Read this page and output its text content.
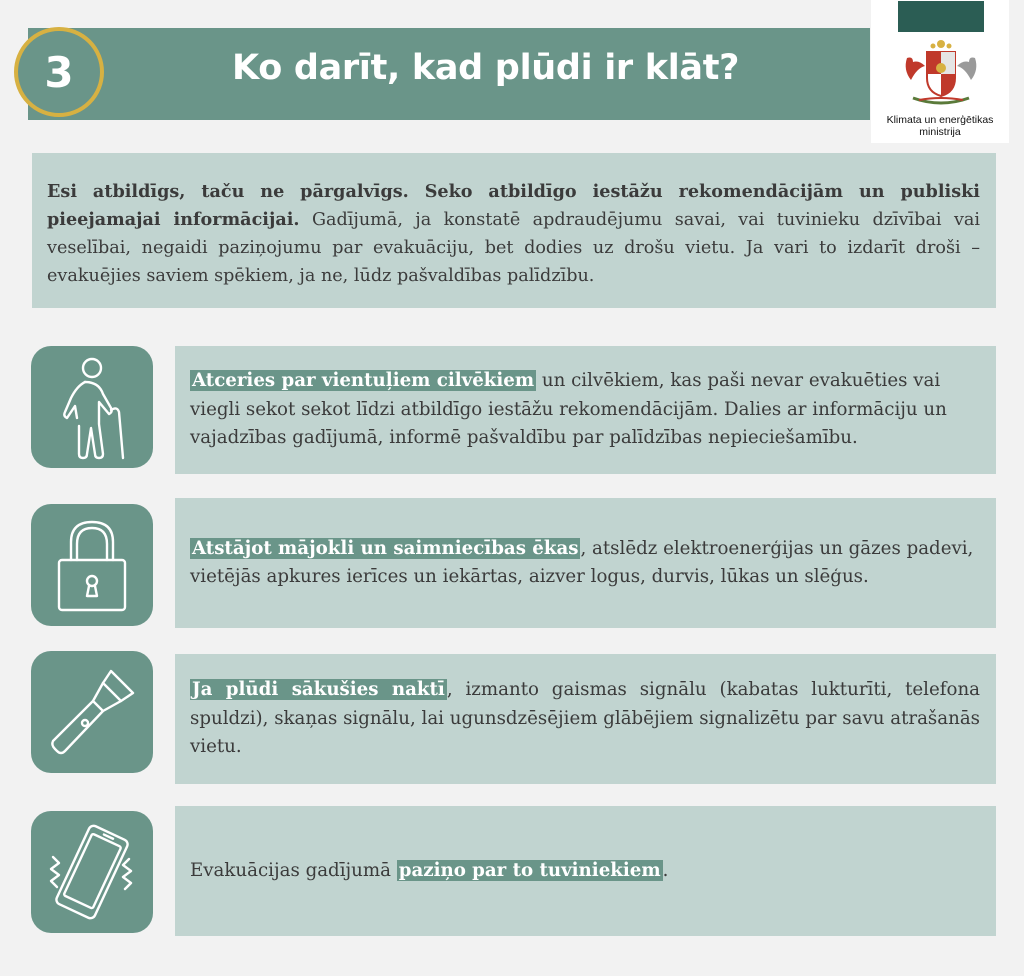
3	Ko darīt, kad plūdi ir klāt?
Klimata un enerģētikas
ministrija
Esi atbildīgs, taču ne pārgalvīgs. Seko atbildīgo iestāžu rekomendācijām un publiski pieejamajai informācijai. Gadījumā, ja konstatē apdraudējumu savai, vai tuvinieku dzīvībai vai veselībai, negaidi paziņojumu par evakuāciju, bet dodies uz drošu vietu. Ja vari to izdarīt droši – evakuējies saviem spēkiem, ja ne, lūdz pašvaldības palīdzību.
Atceries par vientuļiem cilvēkiem un cilvēkiem, kas paši nevar evakuēties vai viegli sekot sekot līdzi atbildīgo iestāžu rekomendācijām. Dalies ar informāciju un vajadzības gadījumā, informē pašvaldību par palīdzības nepieciešamību.
Atstājot mājokli un saimniecības ēkas , atslēdz elektroenerģijas un gāzes padevi, vietējās apkures ierīces un iekārtas, aizver logus, durvis, lūkas un slēģus.
Ja plūdi sākušies naktī , izmanto gaismas signālu (kabatas lukturīti, telefona spuldzi), skaņas signālu, lai ugunsdzēsējiem glābējiem signalizētu par savu atrašanās vietu.
Evakuācijas gadījumā paziņo par to tuviniekiem .
